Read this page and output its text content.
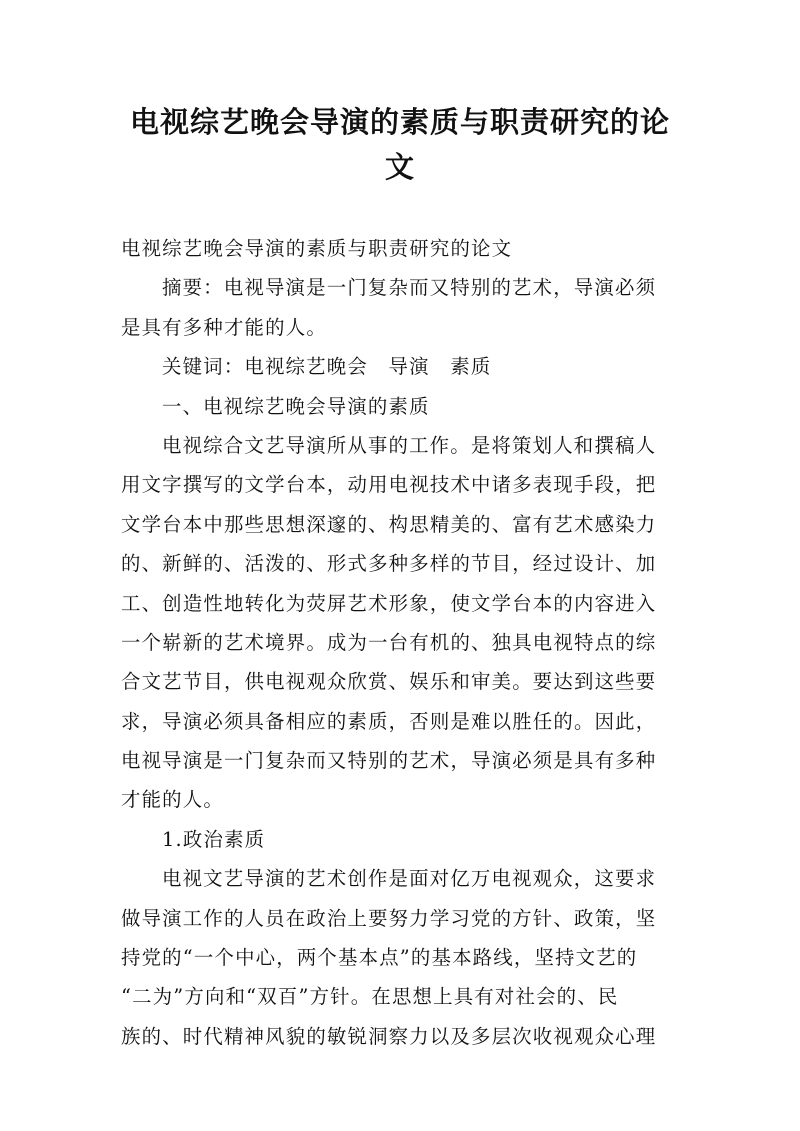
电视综艺晚会导演的素质与职责研究的论
文
电视综艺晚会导演的素质与职责研究的论文
摘要：电视导演是一门复杂而又特别的艺术，导演必须
是具有多种才能的人。
关键词：电视综艺晚会　导演　素质
一、电视综艺晚会导演的素质
电视综合文艺导演所从事的工作。是将策划人和撰稿人
用文字撰写的文学台本，动用电视技术中诸多表现手段，把
文学台本中那些思想深邃的、构思精美的、富有艺术感染力
的、新鲜的、活泼的、形式多种多样的节目，经过设计、加
工、创造性地转化为荧屏艺术形象，使文学台本的内容进入
一个崭新的艺术境界。成为一台有机的、独具电视特点的综
合文艺节目，供电视观众欣赏、娱乐和审美。要达到这些要
求，导演必须具备相应的素质，否则是难以胜任的。因此，
电视导演是一门复杂而又特别的艺术，导演必须是具有多种
才能的人。
1.政治素质
电视文艺导演的艺术创作是面对亿万电视观众，这要求
做导演工作的人员在政治上要努力学习党的方针、政策，坚
持党的“一个中心，两个基本点”的基本路线，坚持文艺的
“二为”方向和“双百”方针。在思想上具有对社会的、民
族的、时代精神风貌的敏锐洞察力以及多层次收视观众心理
